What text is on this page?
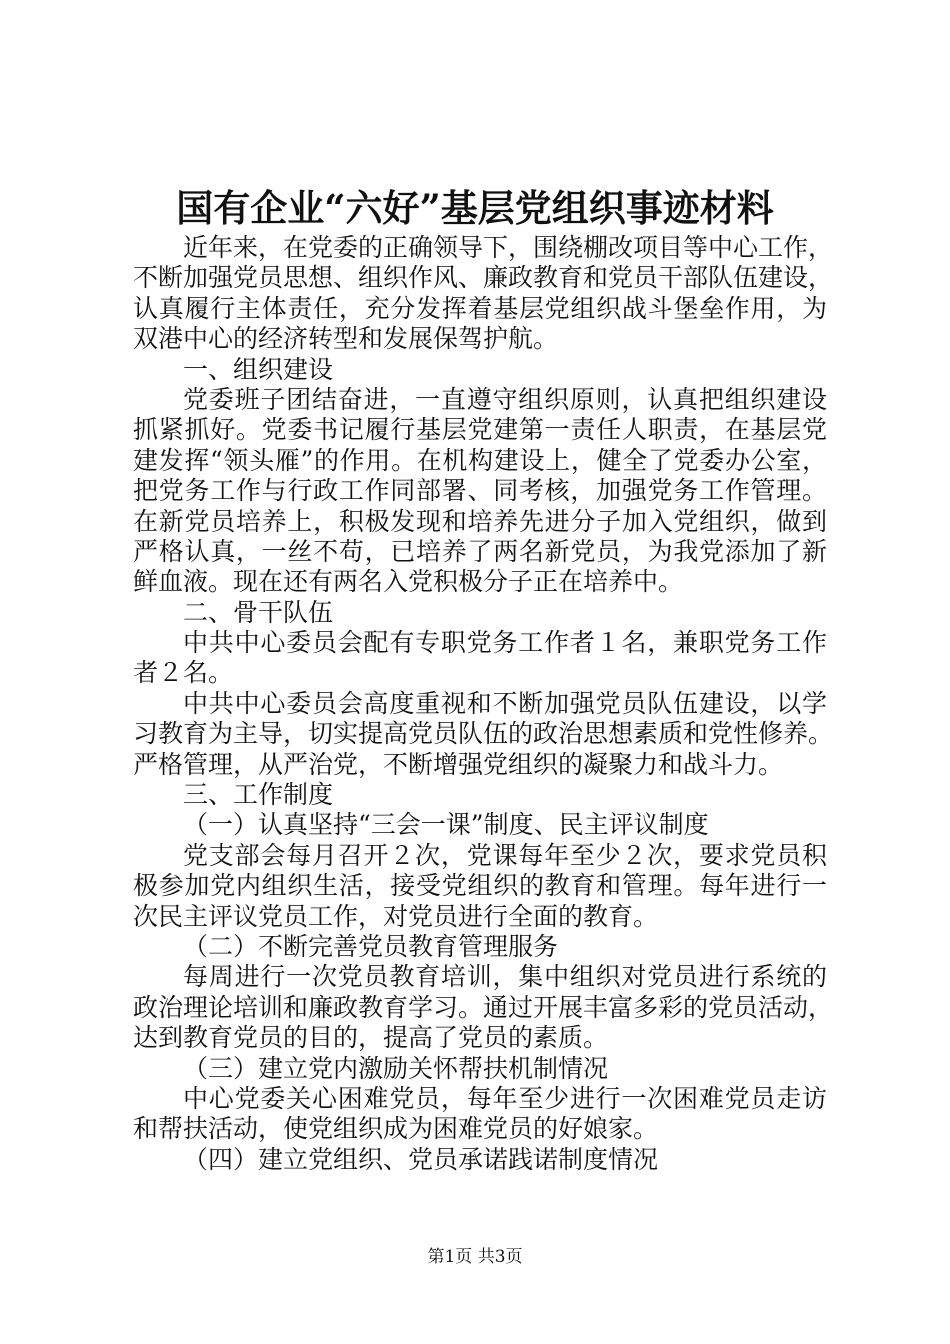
国有企业“六好”基层党组织事迹材料
近年来，在党委的正确领导下，围绕棚改项目等中心工作，
不断加强党员思想、组织作风、廉政教育和党员干部队伍建设，
认真履行主体责任，充分发挥着基层党组织战斗堡垒作用，为
双港中心的经济转型和发展保驾护航。
一、组织建设
党委班子团结奋进，一直遵守组织原则，认真把组织建设
抓紧抓好。党委书记履行基层党建第一责任人职责，在基层党
建发挥“领头雁”的作用。在机构建设上，健全了党委办公室，
把党务工作与行政工作同部署、同考核，加强党务工作管理。
在新党员培养上，积极发现和培养先进分子加入党组织，做到
严格认真，一丝不苟，已培养了两名新党员，为我党添加了新
鲜血液。现在还有两名入党积极分子正在培养中。
二、骨干队伍
中共中心委员会配有专职党务工作者１名，兼职党务工作
者２名。
中共中心委员会高度重视和不断加强党员队伍建设，以学
习教育为主导，切实提高党员队伍的政治思想素质和党性修养。
严格管理，从严治党，不断增强党组织的凝聚力和战斗力。
三、工作制度
（一）认真坚持“三会一课”制度、民主评议制度
党支部会每月召开２次，党课每年至少２次，要求党员积
极参加党内组织生活，接受党组织的教育和管理。每年进行一
次民主评议党员工作，对党员进行全面的教育。
（二）不断完善党员教育管理服务
每周进行一次党员教育培训，集中组织对党员进行系统的
政治理论培训和廉政教育学习。通过开展丰富多彩的党员活动，
达到教育党员的目的，提高了党员的素质。
（三）建立党内激励关怀帮扶机制情况
中心党委关心困难党员，每年至少进行一次困难党员走访
和帮扶活动，使党组织成为困难党员的好娘家。
（四）建立党组织、党员承诺践诺制度情况
第1页 共3页
